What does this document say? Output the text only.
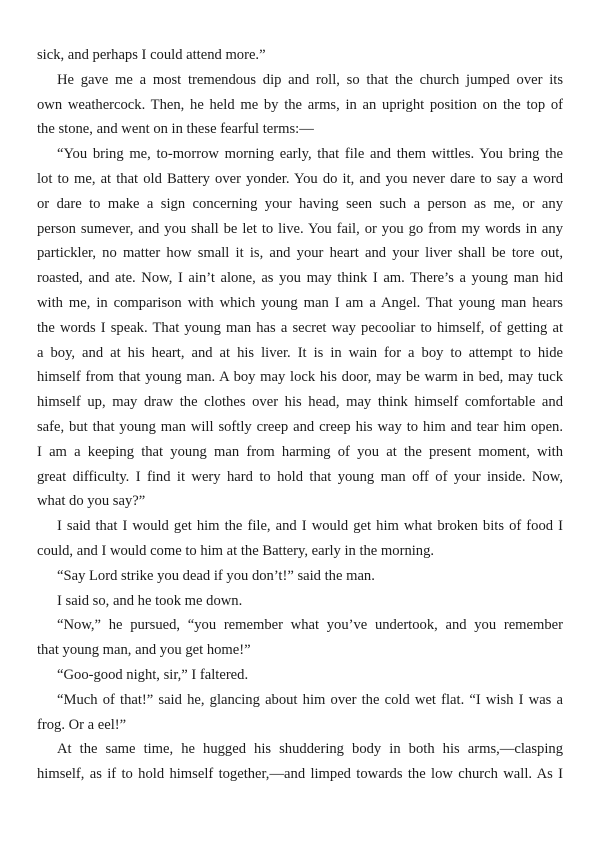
sick, and perhaps I could attend more.”
He gave me a most tremendous dip and roll, so that the church jumped over its
own weathercock. Then, he held me by the arms, in an upright position on the top of
the stone, and went on in these fearful terms:—
“You bring me, to-morrow morning early, that file and them wittles. You bring the
lot to me, at that old Battery over yonder. You do it, and you never dare to say a word
or dare to make a sign concerning your having seen such a person as me, or any
person sumever, and you shall be let to live. You fail, or you go from my words in any
partickler, no matter how small it is, and your heart and your liver shall be tore out,
roasted, and ate. Now, I ain’t alone, as you may think I am. There’s a young man hid
with me, in comparison with which young man I am a Angel. That young man hears
the words I speak. That young man has a secret way pecooliar to himself, of getting at
a boy, and at his heart, and at his liver. It is in wain for a boy to attempt to hide
himself from that young man. A boy may lock his door, may be warm in bed, may tuck
himself up, may draw the clothes over his head, may think himself comfortable and
safe, but that young man will softly creep and creep his way to him and tear him open.
I am a keeping that young man from harming of you at the present moment, with
great difficulty. I find it wery hard to hold that young man off of your inside. Now,
what do you say?”
I said that I would get him the file, and I would get him what broken bits of food I
could, and I would come to him at the Battery, early in the morning.
“Say Lord strike you dead if you don’t!” said the man.
I said so, and he took me down.
“Now,” he pursued, “you remember what you’ve undertook, and you remember
that young man, and you get home!”
“Goo-good night, sir,” I faltered.
“Much of that!” said he, glancing about him over the cold wet flat. “I wish I was a
frog. Or a eel!”
At the same time, he hugged his shuddering body in both his arms,—clasping
himself, as if to hold himself together,—and limped towards the low church wall. As I
